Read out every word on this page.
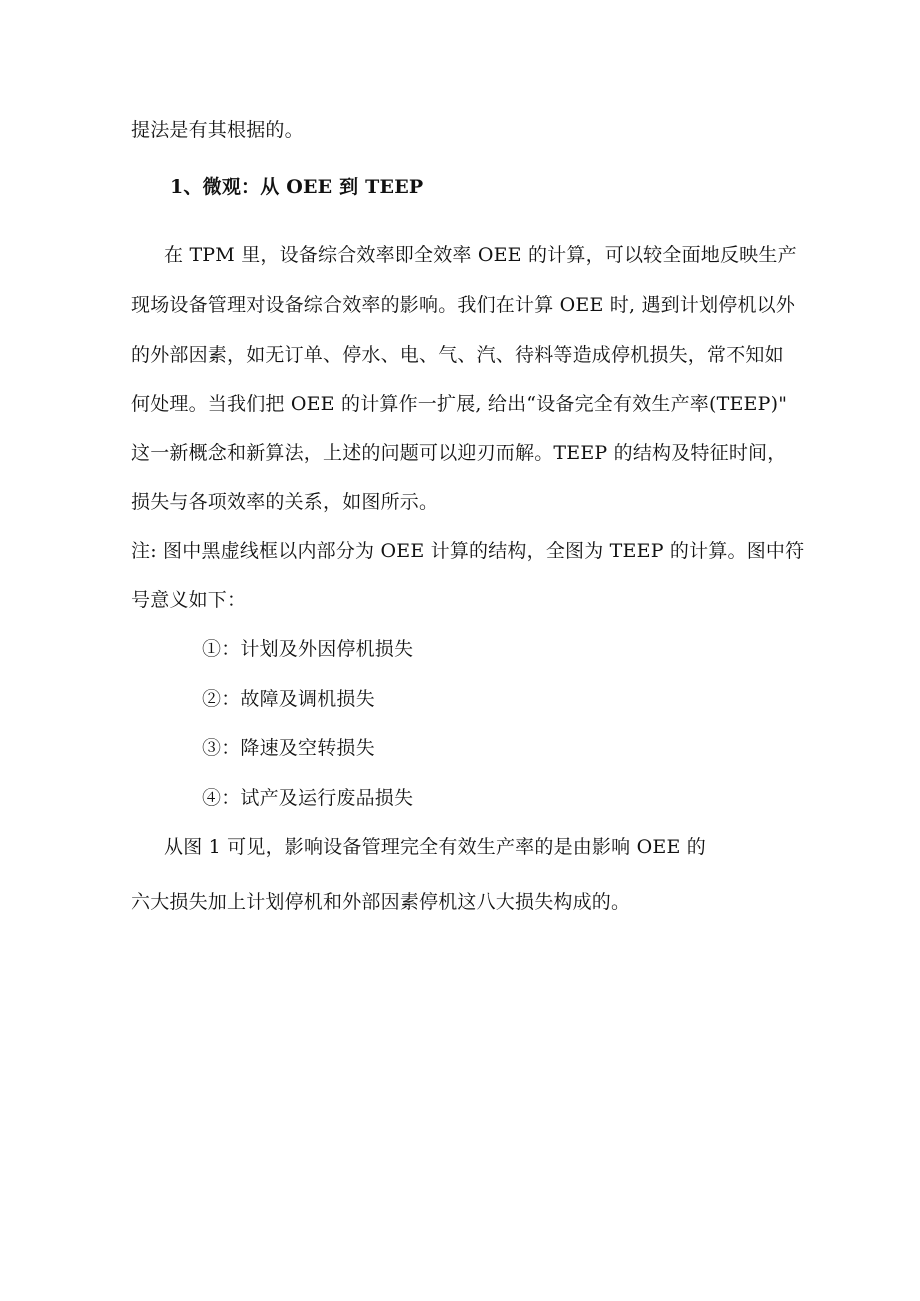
提法是有其根据的。
1、微观：从 OEE 到 TEEP
在 TPM 里，设备综合效率即全效率 OEE 的计算，可以较全面地反映生产
现场设备管理对设备综合效率的影响。我们在计算 OEE 时, 遇到计划停机以外
的外部因素，如无订单、停水、电、气、汽、待料等造成停机损失，常不知如
何处理。当我们把 OEE 的计算作一扩展, 给出“设备完全有效生产率(TEEP)"
这一新概念和新算法，上述的问题可以迎刃而解。TEEP 的结构及特征时间，
损失与各项效率的关系，如图所示。
注: 图中黑虚线框以内部分为 OEE 计算的结构，全图为 TEEP 的计算。图中符
号意义如下：
①：计划及外因停机损失
②：故障及调机损失
③：降速及空转损失
④：试产及运行废品损失
从图 1 可见，影响设备管理完全有效生产率的是由影响 OEE 的
六大损失加上计划停机和外部因素停机这八大损失构成的。
